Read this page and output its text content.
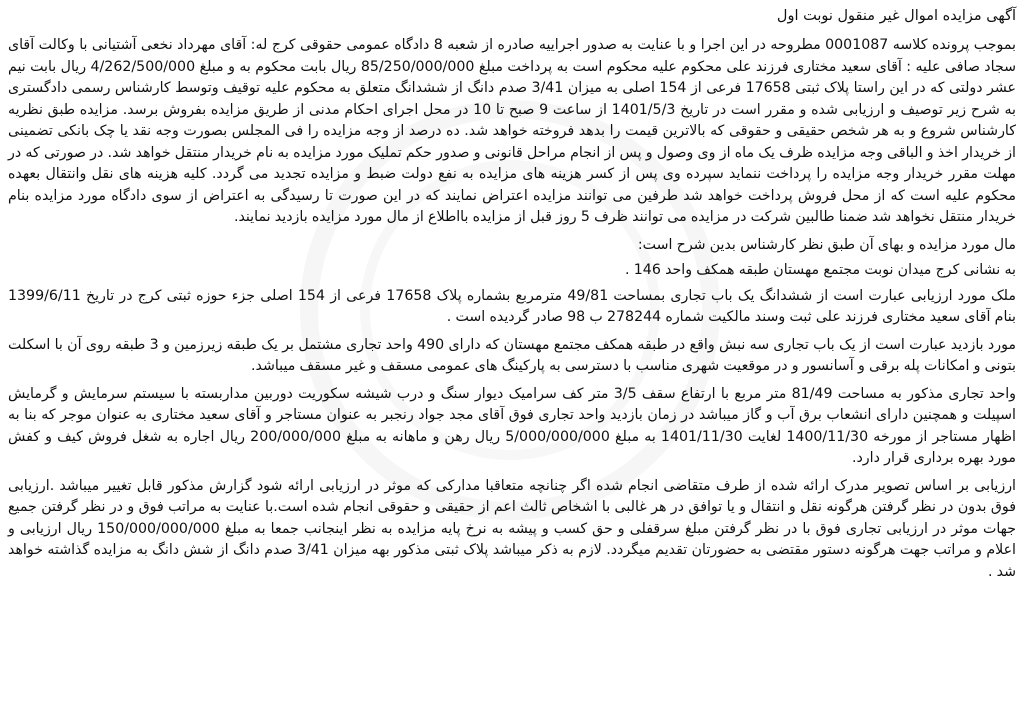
آگهی مزایده اموال غیر منقول نوبت اول

بموجب پرونده کلاسه 0001087 مطروحه در این اجرا و با عنایت به صدور اجراییه صادره از شعبه 8 دادگاه عمومی حقوقی کرج له: آقای مهرداد نخعی آشتیانی با وکالت آقای سجاد صافی علیه : آقای سعید مختاری فرزند علی محکوم علیه محکوم است به پرداخت مبلغ 85/250/000/000 ریال بابت محکوم به و مبلغ 4/262/500/000 ریال بابت نیم عشر دولتی که در این راستا پلاک ثبتی 17658 فرعی از 154 اصلی به میزان 3/41 صدم دانگ از ششدانگ متعلق به محکوم علیه توقیف وتوسط کارشناس رسمی دادگستری به شرح زیر توصیف و ارزیابی شده و مقرر است در تاریخ 1401/5/3 از ساعت 9 صبح تا 10 در محل اجرای احکام مدنی از طریق مزایده بفروش برسد. مزایده طبق نظریه کارشناس شروع و به هر شخص حقیقی و حقوقی که بالاترین قیمت را بدهد فروخته خواهد شد. ده درصد از وجه مزایده را فی المجلس بصورت وجه نقد یا چک بانکی تضمینی از خریدار اخذ و الباقی وجه مزایده ظرف یک ماه از وی وصول و پس از انجام مراحل قانونی و صدور حکم تملیک مورد مزایده به نام خریدار منتقل خواهد شد. در صورتی که در مهلت مقرر خریدار وجه مزایده را پرداخت ننماید سپرده وی پس از کسر هزینه های مزایده به نفع دولت ضبط و مزایده تجدید می گردد. کلیه هزینه های نقل وانتقال بعهده محکوم علیه است که از محل فروش پرداخت خواهد شد طرفین می توانند مزایده اعتراض نمایند که در این صورت تا رسیدگی به اعتراض از سوی دادگاه مورد مزایده بنام خریدار منتقل نخواهد شد ضمنا طالبین شرکت در مزایده می توانند ظرف 5 روز قبل از مزایده بااطلاع از مال مورد مزایده بازدید نمایند.

مال مورد مزایده و بهای آن طبق نظر کارشناس بدین شرح است:

به نشانی کرج میدان نوبت مجتمع مهستان طبقه همکف واحد 146 .

ملک مورد ارزیابی عبارت است از ششدانگ یک باب تجاری بمساحت 49/81 مترمربع بشماره پلاک 17658 فرعی از 154 اصلی جزء حوزه ثبتی کرج در تاریخ 1399/6/11 بنام آقای سعید مختاری فرزند علی ثبت وسند مالکیت شماره 278244 ب 98 صادر گردیده است .

مورد بازدید عبارت است از یک باب تجاری سه نبش واقع در طبقه همکف مجتمع مهستان که دارای 490 واحد تجاری مشتمل بر یک طبقه زیرزمین و 3 طبقه روی آن با اسکلت بتونی و امکانات پله برقی و آسانسور و در موقعیت شهری مناسب با دسترسی به پارکینگ های عمومی مسقف و غیر مسقف میباشد.

واحد تجاری مذکور به مساحت 81/49 متر مربع با ارتفاع سقف 3/5 متر کف سرامیک دیوار سنگ و درب شیشه سکوریت دوربین مداربسته با سیستم سرمایش و گرمایش اسپیلت و همچنین دارای انشعاب برق آب و گاز میباشد در زمان بازدید واحد تجاری فوق آقای مجد جواد رنجبر به عنوان مستاجر و آقای سعید مختاری به عنوان موجر که بنا به اظهار مستاجر از مورخه 1400/11/30 لغایت 1401/11/30 به مبلغ 5/000/000/000 ریال رهن و ماهانه به مبلغ 200/000/000 ریال اجاره به شغل فروش کیف و کفش مورد بهره برداری قرار دارد.

ارزیابی بر اساس تصویر مدرک ارائه شده از طرف متقاضی انجام شده اگر چنانچه متعاقبا مدارکی که موثر در ارزیابی ارائه شود گزارش مذکور قابل تغییر میباشد .ارزیابی فوق بدون در نظر گرفتن هرگونه نقل و انتقال و یا توافق در هر غالبی با اشخاص ثالث اعم از حقیقی و حقوقی انجام شده است.با عنایت به مراتب فوق و در نظر گرفتن جمیع جهات موثر در ارزیابی تجاری فوق با در نظر گرفتن مبلغ سرقفلی و حق کسب و پیشه به نرخ پایه مزایده به نظر اینجانب جمعا به مبلغ 150/000/000/000 ریال ارزیابی و اعلام و مراتب جهت هرگونه دستور مقتضی به حضورتان تقدیم میگردد. لازم به ذکر میباشد پلاک ثبتی مذکور بهه میزان 3/41 صدم دانگ از شش دانگ به مزایده گذاشته خواهد شد .
